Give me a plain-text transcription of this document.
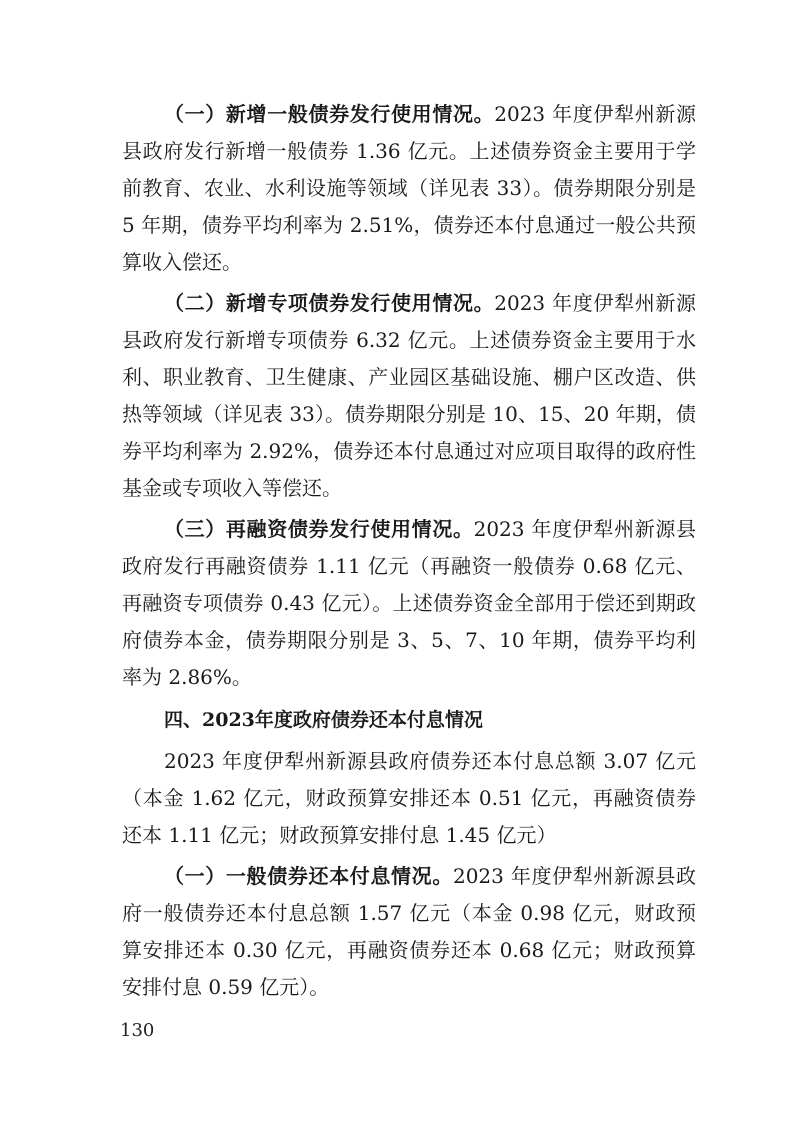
（一）新增一般债券发行使用情况。2023 年度伊犁州新源县政府发行新增一般债券 1.36 亿元。上述债券资金主要用于学前教育、农业、水利设施等领域（详见表 33）。债券期限分别是 5 年期，债券平均利率为 2.51%，债券还本付息通过一般公共预算收入偿还。

（二）新增专项债券发行使用情况。2023 年度伊犁州新源县政府发行新增专项债券 6.32 亿元。上述债券资金主要用于水利、职业教育、卫生健康、产业园区基础设施、棚户区改造、供热等领域（详见表 33）。债券期限分别是 10、15、20 年期，债券平均利率为 2.92%，债券还本付息通过对应项目取得的政府性基金或专项收入等偿还。

（三）再融资债券发行使用情况。2023 年度伊犁州新源县政府发行再融资债券 1.11 亿元（再融资一般债券 0.68 亿元、再融资专项债券 0.43 亿元）。上述债券资金全部用于偿还到期政府债券本金，债券期限分别是 3、5、7、10 年期，债券平均利率为 2.86%。

四、2023年度政府债券还本付息情况

2023 年度伊犁州新源县政府债券还本付息总额 3.07 亿元（本金 1.62 亿元，财政预算安排还本 0.51 亿元，再融资债券还本 1.11 亿元；财政预算安排付息 1.45 亿元）

（一）一般债券还本付息情况。2023 年度伊犁州新源县政府一般债券还本付息总额 1.57 亿元（本金 0.98 亿元，财政预算安排还本 0.30 亿元，再融资债券还本 0.68 亿元；财政预算安排付息 0.59 亿元）。

130
